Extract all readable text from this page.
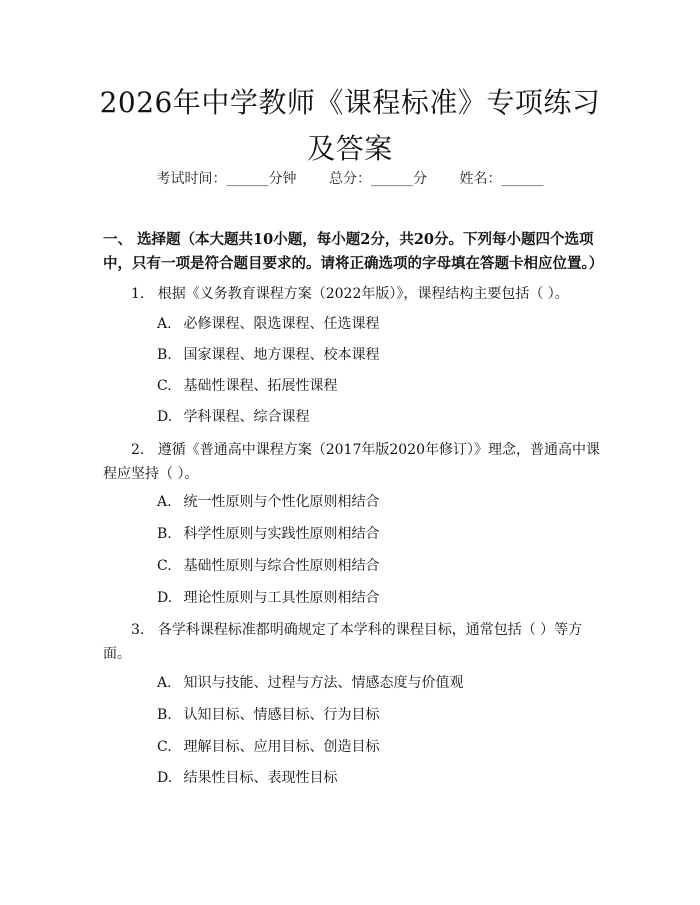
2026年中学教师《课程标准》专项练习及答案
考试时间：______分钟 总分：______分 姓名：______
一、 选择题（本大题共10小题，每小题2分，共20分。下列每小题四个选项中，只有一项是符合题目要求的。请将正确选项的字母填在答题卡相应位置。）
1. 根据《义务教育课程方案（2022年版）》，课程结构主要包括（ ）。
A. 必修课程、限选课程、任选课程
B. 国家课程、地方课程、校本课程
C. 基础性课程、拓展性课程
D. 学科课程、综合课程
2. 遵循《普通高中课程方案（2017年版2020年修订）》理念，普通高中课程应坚持（ ）。
A. 统一性原则与个性化原则相结合
B. 科学性原则与实践性原则相结合
C. 基础性原则与综合性原则相结合
D. 理论性原则与工具性原则相结合
3. 各学科课程标准都明确规定了本学科的课程目标，通常包括（ ）等方面。
A. 知识与技能、过程与方法、情感态度与价值观
B. 认知目标、情感目标、行为目标
C. 理解目标、应用目标、创造目标
D. 结果性目标、表现性目标
